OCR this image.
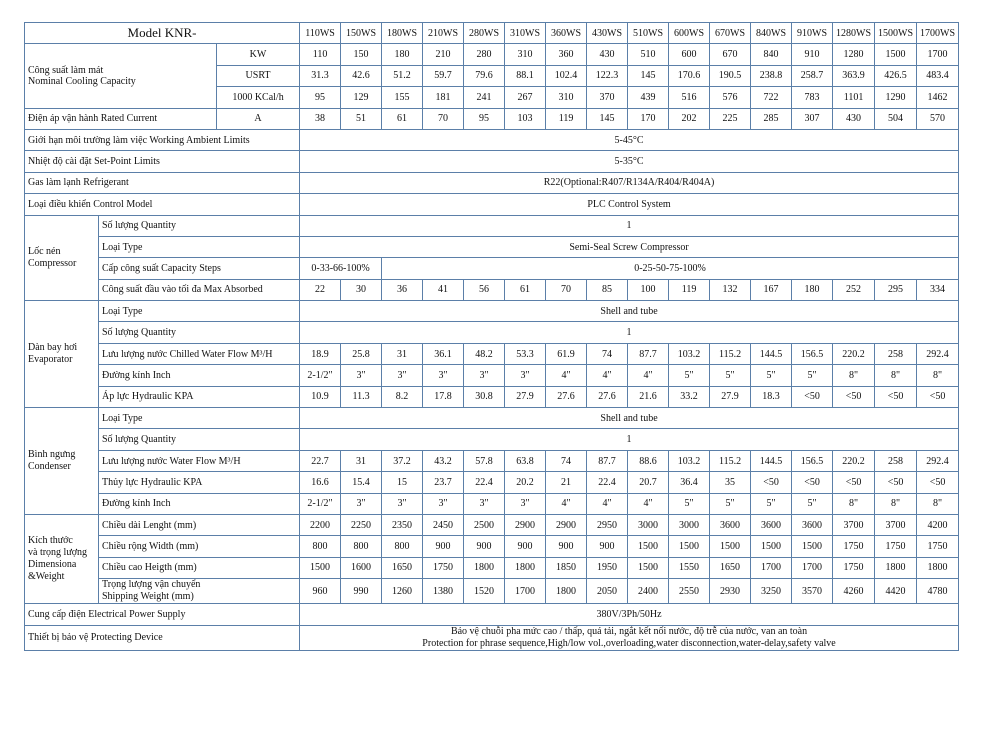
Model KNR-			110WS	150WS	180WS	210WS	280WS	310WS	360WS	430WS	510WS	600WS	670WS	840WS	910WS	1280WS	1500WS	1700WS

Công suất làm mát
Nominal Cooling Capacity		KW	110	150	180	210	280	310	360	430	510	600	670	840	910	1280	1500	1700
		USRT	31.3	42.6	51.2	59.7	79.6	88.1	102.4	122.3	145	170.6	190.5	238.8	258.7	363.9	426.5	483.4
		1000 KCal/h	95	129	155	181	241	267	310	370	439	516	576	722	783	1101	1290	1462
Điện áp vận hành Rated Current		A	38	51	61	70	95	103	119	145	170	202	225	285	307	430	504	570
Giới hạn môi trường làm việc Working Ambient Limits			5-45°C															
Nhiệt độ cài đặt Set-Point Limits			5-35°C															
Gas làm lạnh Refrigerant			R22(Optional:R407/R134A/R404/R404A)															
Loại điều khiển Control Model			PLC Control System															

Lốc nén
Compressor	Số lượng Quantity		1															
	Loại Type		Semi-Seal Screw Compressor															
	Cấp công suất Capacity Steps		0-33-66-100%		0-25-50-75-100%													
	Công suất đầu vào tối đa Max Absorbed		22	30	36	41	56	61	70	85	100	119	132	167	180	252	295	334

Dàn bay hơi
Evaporator	Loại Type		Shell and tube															
	Số lượng Quantity		1															
	Lưu lượng nước Chilled Water Flow M³/H		18.9	25.8	31	36.1	48.2	53.3	61.9	74	87.7	103.2	115.2	144.5	156.5	220.2	258	292.4
	Đường kính Inch		2-1/2"	3"	3"	3"	3"	3"	4"	4"	4"	5"	5"	5"	5"	8"	8"	8"
	Áp lực Hydraulic KPA		10.9	11.3	8.2	17.8	30.8	27.9	27.6	27.6	21.6	33.2	27.9	18.3	<50	<50	<50	<50

Bình ngưng
Condenser	Loại Type		Shell and tube															
	Số lượng Quantity		1															
	Lưu lượng nước Water Flow M³/H		22.7	31	37.2	43.2	57.8	63.8	74	87.7	88.6	103.2	115.2	144.5	156.5	220.2	258	292.4
	Thủy lực Hydraulic KPA		16.6	15.4	15	23.7	22.4	20.2	21	22.4	20.7	36.4	35	<50	<50	<50	<50	<50
	Đường kính Inch		2-1/2"	3"	3"	3"	3"	3"	4"	4"	4"	5"	5"	5"	5"	8"	8"	8"

Kích thước
và trọng lượng
Dimensiona
&Weight	Chiều dài Lenght (mm)		2200	2250	2350	2450	2500	2900	2900	2950	3000	3000	3600	3600	3600	3700	3700	4200
	Chiều rộng Width (mm)		800	800	800	900	900	900	900	900	1500	1500	1500	1500	1500	1750	1750	1750
	Chiều cao Heigth (mm)		1500	1600	1650	1750	1800	1800	1850	1950	1500	1550	1650	1700	1700	1750	1800	1800

	Trọng lượng vận chuyển
Shipping Weight (mm)		960	990	1260	1380	1520	1700	1800	2050	2400	2550	2930	3250	3570	4260	4420	4780
Cung cấp điện Electrical Power Supply			380V/3Ph/50Hz															
Thiết bị bảo vệ Protecting Device			Bảo vệ chuỗi pha mức cao / thấp, quá tải, ngắt kết nối nước, độ trễ của nước, van an toàn
Protection for phrase sequence,High/low vol.,overloading,water disconnection,water-delay,safety valve															
